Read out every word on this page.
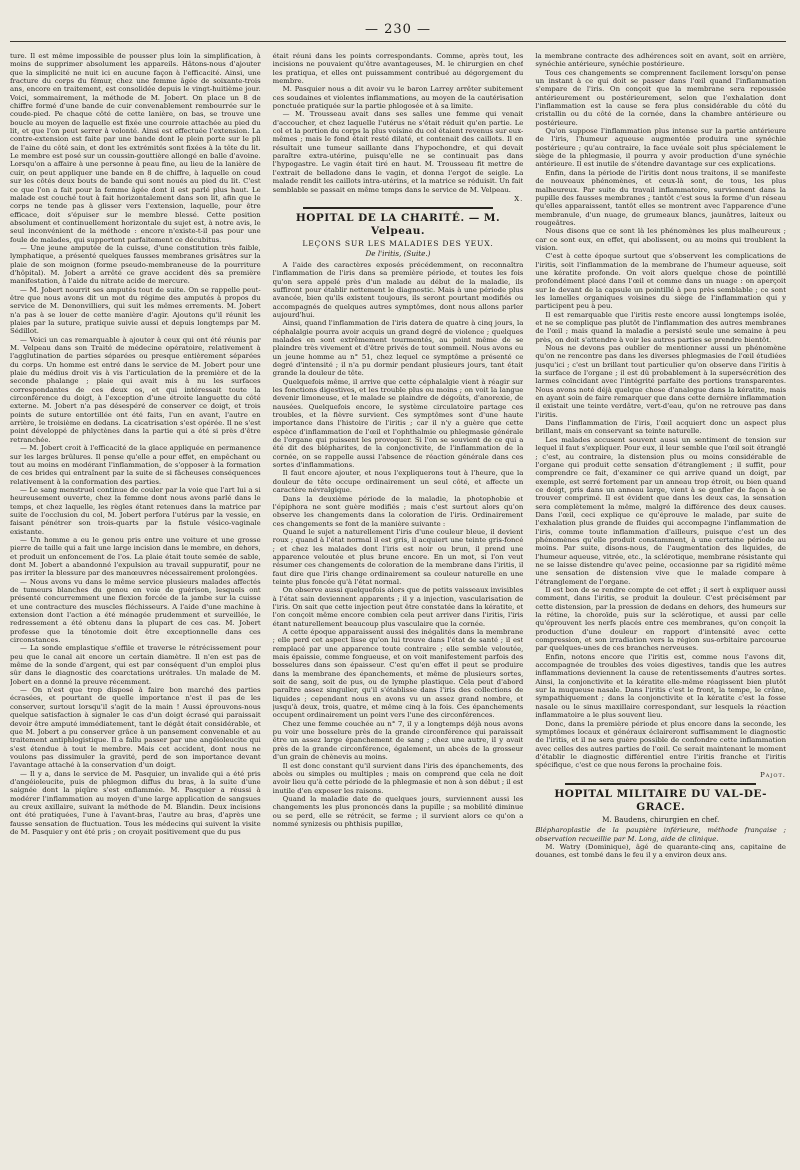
— 230 —

ture. Il est même impossible de pousser plus loin la simplification, à moins de supprimer absolument les appareils. Hâtons-nous d'ajouter que la simplicité ne nuit ici en aucune façon à l'efficacité. Ainsi, une fracture du corps du fémur, chez une femme âgée de soixante-trois ans, encore en traitement, est consolidée depuis le vingt-huitième jour. Voici, sommairement, la méthode de M. Jobert. On place un 8 de chiffre formé d'une bande de cuir convenablement rembourrée sur le coude-pied. Pe chaque côté de cette lanière, on bas, se trouve une boucle au moyen de laquelle est fixée une courroie attachée au pied du lit, et que l'on peut serrer à volonté. Ainsi est effectuée l'extension. La contre-extension est faite par une bande dont le plein porte sur le pli de l'aine du côté sain, et dont les extrémités sont fixées à la tête du lit. Le membre est posé sur un coussin-gouttière allongé en balle d'avoine. Lorsqu'on a affaire à une personne à peau fine, au lieu de la lanière de cuir, on peut appliquer une bande en 8 de chiffre, à laquelle on coud sur les côtés deux bouts de bande qui sont noués au pied du lit. C'est ce que l'on a fait pour la femme âgée dont il est parlé plus haut. Le malade est couché tout à fait horizontalement dans son lit, afin que le corps ne tende pas à glisser vers l'extension, laquelle, pour être efficace, doit s'épuiser sur le membre blessé. Cette position absolument et continuellement horizontale du sujet est, à notre avis, le seul inconvénient de la méthode : encore n'existe-t-il pas pour une foule de malades, qui supportent parfaitement ce décubitus.

— Une jeune amputée de la cuisse, d'une constitution très faible, lymphatique, a présenté quelques fausses membranes grisâtres sur la plaie de son moignon (forme pseudo-membraneuse de la pourriture d'hôpital). M. Jobert a arrêté ce grave accident dès sa première manifestation, à l'aide du nitrate acide de mercure.

— M. Jobert nourrit ses amputés tout de suite. On se rappelle peut-être que nous avons dit un mot du régime des amputés à propos du service de M. Denonvilliers, qui suit les mêmes errements. M. Jobert n'a pas à se louer de cette manière d'agir. Ajoutons qu'il réunit les plaies par la suture, pratique suivie aussi et depuis longtemps par M. Sédillot.

— Voici un cas remarquable à ajouter à ceux qui ont été réunis par M. Velpeau dans son Traité de médecine opératoire, relativement à l'agglutination de parties séparées ou presque entièrement séparées du corps. Un homme est entré dans le service de M. Jobert pour une plaie du médius droit vis à vis l'articulation de la première et de la seconde phalange ; plaie qui avait mis à nu les surfaces correspondantes de ces deux os, et qui intéressait toute la circonférence du doigt, à l'exception d'une étroite languette du côté externe. M. Jobert n'a pas désespéré de conserver ce doigt, et trois points de suture entortillée ont été faits, l'un en avant, l'autre en arrière, le troisième en dedans. La cicatrisation s'est opérée. Il ne s'est point développé de phlyctènes dans la partie qui a été si près d'être retranchée.

— M. Jobert croit à l'efficacité de la glace appliquée en permanence sur les larges brûlures. Il pense qu'elle a pour effet, en empêchant ou tout au moins en modérant l'inflammation, de s'opposer à la formation de ces brides qui entraînent par la suite de si fâcheuses conséquences relativement à la conformation des parties.

— Le sang menstruel continue de couler par la voie que l'art lui a si heureusement ouverte, chez la femme dont nous avons parlé dans le temps, et chez laquelle, les règles étant retenues dans la matrice par suite de l'occlusion du col, M. Jobert perfora l'utérus par la vessie, en faisant pénétrer son trois-quarts par la fistule vésico-vaginale existante.

— Un homme a eu le genou pris entre une voiture et une grosse pierre de taille qui a fait une large incision dans le membre, en dehors, et produit un enfoncement de l'os. La plaie était toute semée de sable, dont M. Jobert a abandonné l'expulsion au travail suppuratif, pour ne pas irriter la blessure par des manœuvres nécessairement prolongées.

— Nous avons vu dans le même service plusieurs malades affectés de tumeurs blanches du genou en voie de guérison, lesquels ont présenté concurremment une flexion forcée de la jambe sur la cuisse et une contracture des muscles fléchisseurs. A l'aide d'une machine à extension dont l'action a été ménagée prudemment et surveillée, le redressement a été obtenu dans la plupart de ces cas. M. Jobert professe que la ténotomie doit être exceptionnelle dans ces circonstances.

— La sonde emplastique s'effile et traverse le rétrécissement pour peu que le canal ait encore un certain diamètre. Il n'en est pas de même de la sonde d'argent, qui est par conséquent d'un emploi plus sûr dans le diagnostic des coarctations urétrales. Un malade de M. Jobert en a donné la preuve récemment.

— On n'est que trop disposé à faire bon marché des parties écrasées, et pourtant de quelle importance n'est il pas de les conserver, surtout lorsqu'il s'agit de la main ! Aussi éprouvons-nous quelque satisfaction à signaler le cas d'un doigt écrasé qui paraissait devoir être amputé immédiatement, tant le dégât était considérable, et que M. Jobert a pu conserver grâce à un pansement convenable et au traitement antiphlogistique. Il a fallu passer par une angéioleucite qui s'est étendue à tout le membre. Mais cet accident, dont nous ne voulons pas dissimuler la gravité, perd de son importance devant l'avantage attaché à la conservation d'un doigt.

— Il y a, dans le service de M. Pasquier, un invalide qui a été pris d'angéioleucite, puis de phlegmon diffus du bras, à la suite d'une saignée dont la piqûre s'est enflammée. M. Pasquier a réussi à modérer l'inflammation au moyen d'une large application de sangsues au creux axillaire, suivant la méthode de M. Blandin. Deux incisions ont été pratiquées, l'une à l'avant-bras, l'autre au bras, d'après une fausse sensation de fluctuation. Tous les médecins qui suivent la visite de M. Pasquier y ont été pris ; on croyait positivement que du pus

était réuni dans les points correspondants. Comme, après tout, les incisions ne pouvaient qu'être avantageuses, M. le chirurgien en chef les pratiqua, et elles ont puissamment contribué au dégorgement du membre.

M. Pasquier nous a dit avoir vu le baron Larrey arrêter subitement ces soudaines et violentes inflammations, au moyen de la cautérisation ponctuée pratiquée sur la partie phlogosée et à sa limite.

— M. Trousseau avait dans ses salles une femme qui venait d'accoucher, et chez laquelle l'utérus ne s'était réduit qu'en partie. Le col et la portion du corps la plus voisine du col étaient revenus sur eux-mêmes ; mais le fond était resté dilaté, et contenait des caillots. Il en résultait une tumeur saillante dans l'hypochondre, et qui devait paraître extra-utérine, puisqu'elle ne se continuait pas dans l'hypogastre. Le vagin était tiré en haut. M. Trousseau fit mettre de l'extrait de belladone dans le vagin, et donna l'ergot de seigle. La malade rendit les caillots intra-utérins, et la matrice se réduisit. Un fait semblable se passait en même temps dans le service de M. Velpeau.

X.
HOPITAL DE LA CHARITÉ. — M. Velpeau.
LEÇONS SUR LES MALADIES DES YEUX.
De l'iritis, (Suite.)

A l'aide des caractères exposés précédemment, on reconnaîtra l'inflammation de l'iris dans sa première période, et toutes les fois qu'on sera appelé près d'un malade au début de la maladie, ils suffiront pour établir nettement le diagnostic. Mais à une période plus avancée, bien qu'ils existent toujours, ils seront pourtant modifiés ou accompagnés de quelques autres symptômes, dont nous allons parler aujourd'hui.

Ainsi, quand l'inflammation de l'iris datera de quatre à cinq jours, la céphalalgie pourra avoir acquis un grand degré de violence ; quelques malades en sont extrêmement tourmentés, au point même de se plaindre très vivement et d'être privés de tout sommeil. Nous avons eu un jeune homme au n° 51, chez lequel ce symptôme a présenté ce degré d'intensité ; il n'a pu dormir pendant plusieurs jours, tant était grande la douleur de tête.

Quelquefois même, il arrive que cette céphalalgie vient à réagir sur les fonctions digestives, et les trouble plus ou moins ; on voit la langue devenir limoneuse, et le malade se plaindre de dégoûts, d'anorexie, de nausées. Quelquefois encore, le système circulatoire partage ces troubles, et la fièvre survient. Ces symptômes sont d'une haute importance dans l'histoire de l'iritis ; car il n'y a guère que cette espèce d'inflammation de l'œil et l'ophthalmie ou phlegmasie générale de l'organe qui puissent les provoquer. Si l'on se souvient de ce qui a été dit des blépharites, de la conjonctivite, de l'inflammation de la cornée, on se rappelle aussi l'absence de réaction générale dans ces sortes d'inflammations.

Il faut encore ajouter, et nous l'expliquerons tout à l'heure, que la douleur de tête occupe ordinairement un seul côté, et affecte un caractère névralgique.

Dans la deuxième période de la maladie, la photophobie et l'épiphora ne sont guère modifiés ; mais c'est surtout alors qu'on observe les changements dans la coloration de l'iris. Ordinairement ces changements se font de la manière suivante :

Quand le sujet a naturellement l'iris d'une couleur bleue, il devient roux ; quand à l'état normal il est gris, il acquiert une teinte gris-foncé ; et chez les malades dont l'iris est noir ou brun, il prend une apparence veloutée et plus brune encore. En un mot, si l'on veut résumer ces changements de coloration de la membrane dans l'iritis, il faut dire que l'iris change ordinairement sa couleur naturelle en une teinte plus foncée qu'à l'état normal.

On observe aussi quelquefois alors que de petits vaisseaux invisibles à l'état sain deviennent apparents ; il y a injection, vascularisation de l'iris. On sait que cette injection peut être constatée dans la kératite, et l'on conçoit même encore combien cela peut arriver dans l'iritis, l'iris étant naturellement beaucoup plus vasculaire que la cornée.

A cette époque apparaissent aussi des inégalités dans la membrane ; elle perd cet aspect lisse qu'on lui trouve dans l'état de santé ; il est remplacé par une apparence toute contraire ; elle semble veloutée, mais épaissie, comme fongueuse, et on voit manifestement parfois des bosselures dans son épaisseur. C'est qu'en effet il peut se produire dans la membrane des épanchements, et même de plusieurs sortes, soit de sang, soit de pus, ou de lymphe plastique. Cela peut d'abord paraître assez singulier, qu'il s'établisse dans l'iris des collections de liquides ; cependant nous en avons vu un assez grand nombre, et jusqu'à deux, trois, quatre, et même cinq à la fois. Ces épanchements occupent ordinairement un point vers l'une des circonférences.

Chez une femme couchée au n° 7, il y a longtemps déjà nous avons pu voir une bosselure près de la grande circonférence qui paraissait être un assez large épanchement de sang ; chez une autre, il y avait près de la grande circonférence, également, un abcès de la grosseur d'un grain de chènevis au moins.

Il est donc constant qu'il survient dans l'iris des épanchements, des abcès ou simples ou multiples ; mais on comprend que cela ne doit avoir lieu qu'à cette période de la phlegmasie et non à son début ; il est inutile d'en exposer les raisons.

Quand la maladie date de quelques jours, surviennent aussi les changements les plus prononcés dans la pupille ; sa mobilité diminue ou se perd, elle se rétrécit, se ferme ; il survient alors ce qu'on a nommé synizesis ou phthisis pupillæ,

la membrane contracte des adhérences soit en avant, soit en arrière, synéchie antérieure, synéchie postérieure.

Tous ces changements se comprennent facilement lorsqu'on pense un instant à ce qui doit se passer dans l'œil quand l'inflammation s'empare de l'iris. On conçoit que la membrane sera repoussée antérieurement ou postérieurement, selon que l'exhalation dont l'inflammation est la cause se fera plus considérable du côté du cristallin ou du côté de la cornée, dans la chambre antérieure ou postérieure.

Qu'on suppose l'inflammation plus intense sur la partie antérieure de l'iris, l'humeur aqueuse augmentée produira une synéchie postérieure ; qu'au contraire, la face uvéale soit plus spécialement le siège de la phlegmasie, il pourra y avoir production d'une synéchie antérieure. Il est inutile de s'étendre davantage sur ces explications.

Enfin, dans la période de l'iritis dont nous traitons, il se manifeste de nouveaux phénomènes, et ceux-là sont, de tous, les plus malheureux. Par suite du travail inflammatoire, surviennent dans la pupille des fausses membranes ; tantôt c'est sous la forme d'un réseau qu'elles apparaissent, tantôt elles se montrent avec l'apparence d'une membranule, d'un nuage, de grumeaux blancs, jaunâtres, laiteux ou rougeâtres.

Nous disons que ce sont là les phénomènes les plus malheureux ; car ce sont eux, en effet, qui abolissent, ou au moins qui troublent la vision.

C'est à cette époque surtout que s'observent les complications de l'iritis, soit l'inflammation de la membrane de l'humeur aqueuse, soit une kératite profonde. On voit alors quelque chose de pointillé profondément placé dans l'œil et comme dans un nuage : on aperçoit sur le devant de la capsule un pointillé à peu près semblable ; ce sont les lamelles organiques voisines du siège de l'inflammation qui y participent peu à peu.

Il est remarquable que l'iritis reste encore aussi longtemps isolée, et ne se complique pas plutôt de l'inflammation des autres membranes de l'œil ; mais quand la maladie a persisté seule une semaine à peu près, on doit s'attendre à voir les autres parties se prendre bientôt.

Nous ne devons pas oublier de mentionner aussi un phénomène qu'on ne rencontre pas dans les diverses phlegmasies de l'œil étudiées jusqu'ici ; c'est un brillant tout particulier qu'on observe dans l'iritis à la surface de l'organe ; il est dû probablement à la supersécrétion des larmes coïncidant avec l'intégrité parfaite des portions transparentes. Nous avons noté déjà quelque chose d'analogue dans la kératite, mais en ayant soin de faire remarquer que dans cette dernière inflammation il existait une teinte verdâtre, vert-d'eau, qu'on ne retrouve pas dans l'iritis.

Dans l'inflammation de l'iris, l'œil acquiert donc un aspect plus brillant, mais en conservant sa teinte naturelle.

Les malades accusent souvent aussi un sentiment de tension sur lequel il faut s'expliquer. Pour eux, il leur semble que l'œil soit étranglé ; c'est, au contraire, la distension plus ou moins considérable de l'organe qui produit cette sensation d'étranglement ; il suffit, pour comprendre ce fait, d'examiner ce qui arrive quand un doigt, par exemple, est serré fortement par un anneau trop étroit, ou bien quand ce doigt, pris dans un anneau large, vient à se gonfler de façon à se trouver comprimé. Il est évident que dans les deux cas, la sensation sera complètement la même, malgré la différence des deux causes. Dans l'œil, ceci explique ce qu'éprouve le malade, par suite de l'exhalation plus grande de fluides qui accompagne l'inflammation de l'iris, comme toute inflammation d'ailleurs, puisque c'est un des phénomènes qu'elle produit constamment, à une certaine période au moins. Par suite, disons-nous, de l'augmentation des liquides, de l'humeur aqueuse, vitrée, etc., la sclérotique, membrane résistante qui ne se laisse distendre qu'avec peine, occasionne par sa rigidité même une sensation de distension vive que le malade compare à l'étranglement de l'organe.

Il est bon de se rendre compte de cet effet ; il sert à expliquer aussi comment, dans l'iritis, se produit la douleur. C'est précisément par cette distension, par la pression de dedans en dehors, des humeurs sur la rétine, la choroïde, puis sur la sclérotique, et aussi par celle qu'éprouvent les nerfs placés entre ces membranes, qu'on conçoit la production d'une douleur en rapport d'intensité avec cette compression, et son irradiation vers la région sus-orbitaire parcourue par quelques-unes de ces branches nerveuses.

Enfin, notons encore que l'iritis est, comme nous l'avons dit, accompagnée de troubles des voies digestives, tandis que les autres inflammations deviennent la cause de retentissements d'autres sortes. Ainsi, la conjonctivite et la kératite elle-même réagissent bien plutôt sur la muqueuse nasale. Dans l'iritis c'est le front, la tempe, le crâne, sympathiquement ; dans la conjonctivite et la kératite c'est la fosse nasale ou le sinus maxillaire correspondant, sur lesquels la réaction inflammatoire a le plus souvent lieu.

Donc, dans la première période et plus encore dans la seconde, les symptômes locaux et généraux éclaireront suffisamment le diagnostic de l'iritis, et il ne sera guère possible de confondre cette inflammation avec celles des autres parties de l'œil. Ce serait maintenant le moment d'établir le diagnostic différentiel entre l'iritis franche et l'iritis spécifique, c'est ce que nous ferons la prochaine fois.

Pajot.
HOPITAL MILITAIRE DU VAL-DE-GRACE.
M. Baudens, chirurgien en chef.

Blépharoplastie de la paupière inférieure, méthode française ; observation recueillie par M. Long, aide de clinique.

M. Watry (Dominique), âgé de quarante-cinq ans, capitaine de douanes, est tombé dans le feu il y a environ deux ans.
